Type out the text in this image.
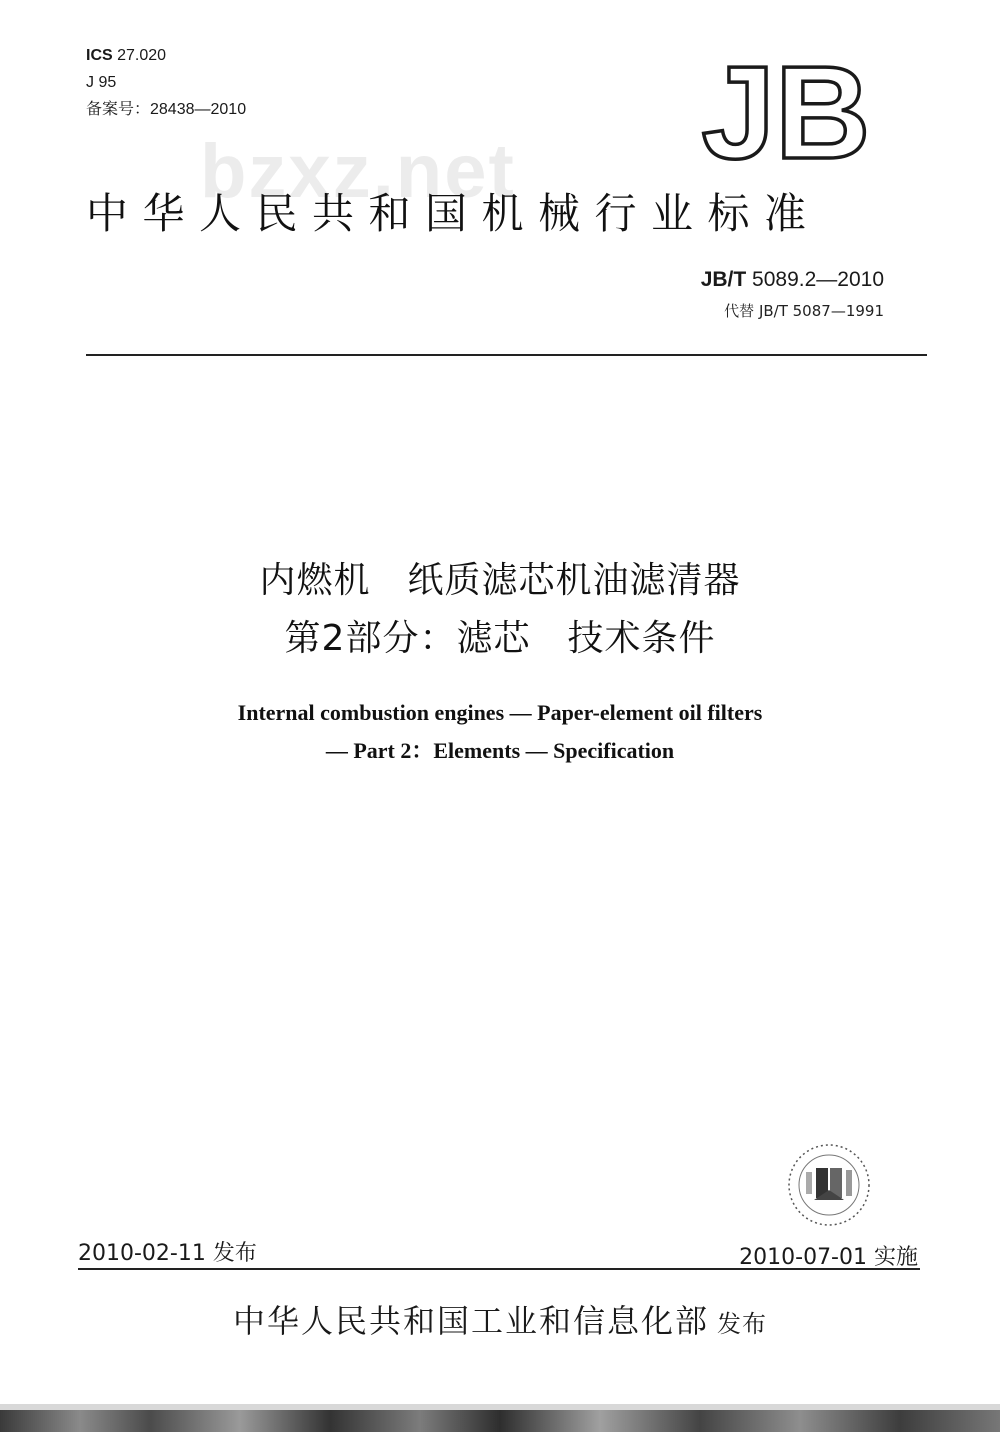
ICS 27.020
J 95
备案号：28438—2010	JB
bzxz.net
中华人民共和国机械行业标准
JB/T 5089.2—2010
代替 JB/T 5087—1991
内燃机　纸质滤芯机油滤清器
第2部分：滤芯　技术条件
Internal combustion engines — Paper-element oil filters
— Part 2：Elements — Specification
2010-02-11 发布	2010-07-01 实施
中华人民共和国工业和信息化部 发布
